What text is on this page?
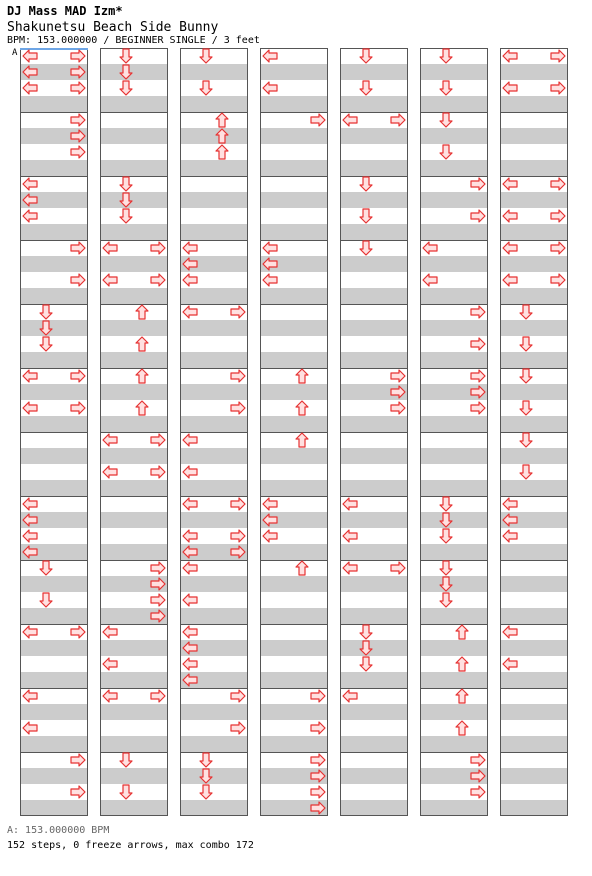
DJ Mass MAD Izm*
Shakunetsu Beach Side Bunny
BPM: 153.000000 / BEGINNER SINGLE / 3 feet
A
A: 153.000000 BPM
152 steps, 0 freeze arrows, max combo 172
